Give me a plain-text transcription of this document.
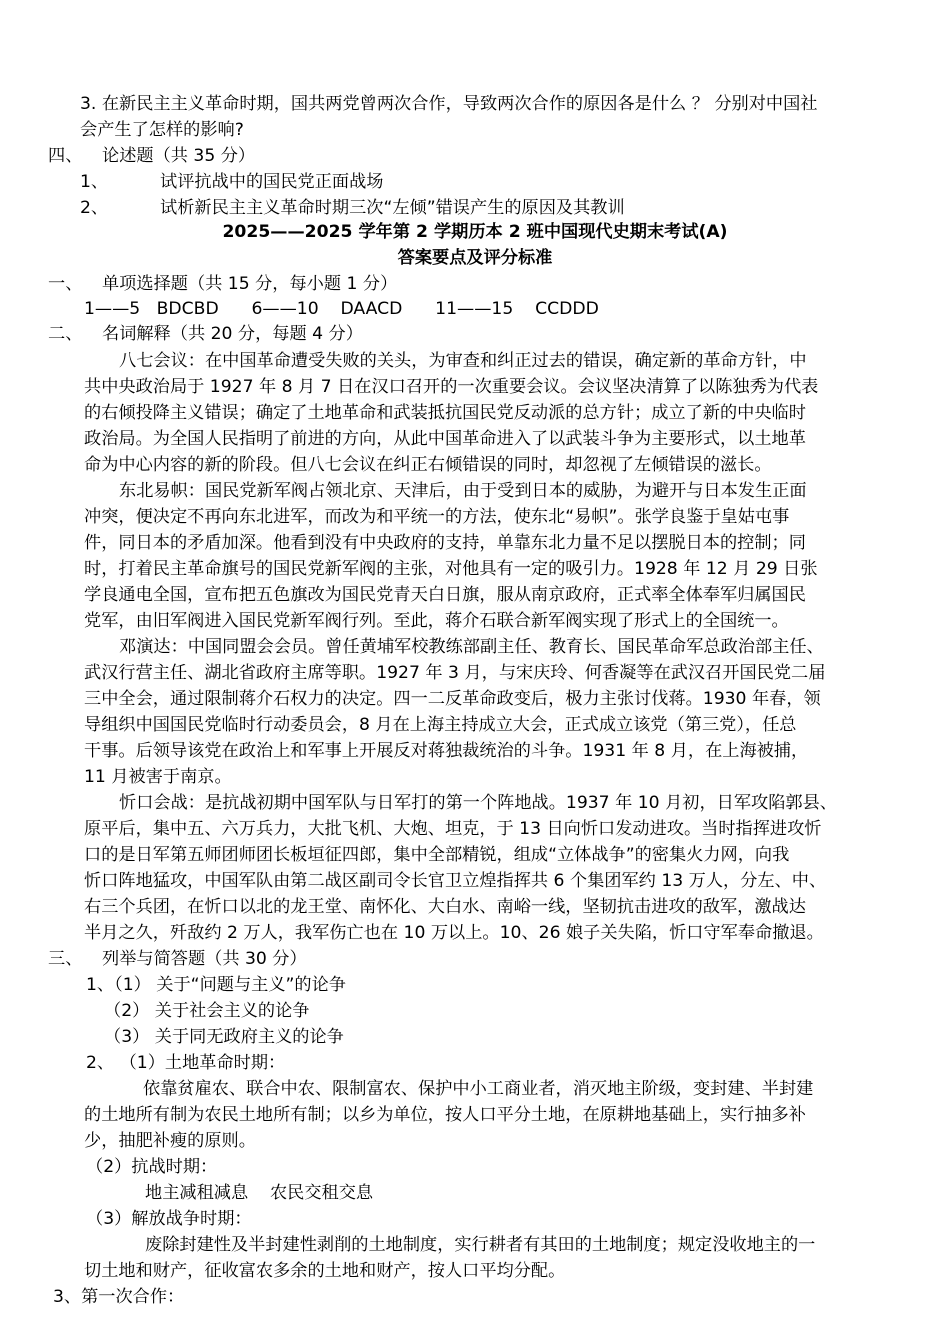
3. 在新民主主义革命时期，国共两党曾两次合作，导致两次合作的原因各是什么 ？ 分别对中国社
会产生了怎样的影响?
四、 论述题（共 35 分）
1、	试评抗战中的国民党正面战场
2、	试析新民主主义革命时期三次“左倾”错误产生的原因及其教训
2025——2025 学年第 2 学期历本 2 班中国现代史期末考试(A)
答案要点及评分标准
一、 单项选择题（共 15 分，每小题 1 分）
1——5   BDCBD      6——10    DAACD      11——15    CCDDD
二、 名词解释（共 20 分，每题 4 分）
八七会议：在中国革命遭受失败的关头，为审查和纠正过去的错误，确定新的革命方针，中
共中央政治局于 1927 年 8 月 7 日在汉口召开的一次重要会议。会议坚决清算了以陈独秀为代表
的右倾投降主义错误；确定了土地革命和武装抵抗国民党反动派的总方针；成立了新的中央临时
政治局。为全国人民指明了前进的方向，从此中国革命进入了以武装斗争为主要形式，以土地革
命为中心内容的新的阶段。但八七会议在纠正右倾错误的同时，却忽视了左倾错误的滋长。
东北易帜：国民党新军阀占领北京、天津后，由于受到日本的威胁，为避开与日本发生正面
冲突，便决定不再向东北进军，而改为和平统一的方法，使东北“易帜”。张学良鉴于皇姑屯事
件，同日本的矛盾加深。他看到没有中央政府的支持，单靠东北力量不足以摆脱日本的控制；同
时，打着民主革命旗号的国民党新军阀的主张，对他具有一定的吸引力。1928 年 12 月 29 日张
学良通电全国，宣布把五色旗改为国民党青天白日旗，服从南京政府，正式率全体奉军归属国民
党军，由旧军阀进入国民党新军阀行列。至此，蒋介石联合新军阀实现了形式上的全国统一。
邓演达：中国同盟会会员。曾任黄埔军校教练部副主任、教育长、国民革命军总政治部主任、
武汉行营主任、湖北省政府主席等职。1927 年 3 月，与宋庆玲、何香凝等在武汉召开国民党二届
三中全会，通过限制蒋介石权力的决定。四一二反革命政变后，极力主张讨伐蒋。1930 年春，领
导组织中国国民党临时行动委员会，8 月在上海主持成立大会，正式成立该党（第三党），任总
干事。后领导该党在政治上和军事上开展反对蒋独裁统治的斗争。1931 年 8 月，在上海被捕，
11 月被害于南京。
忻口会战：是抗战初期中国军队与日军打的第一个阵地战。1937 年 10 月初，日军攻陷郭县、
原平后，集中五、六万兵力，大批飞机、大炮、坦克，于 13 日向忻口发动进攻。当时指挥进攻忻
口的是日军第五师团师团长板垣征四郎，集中全部精锐，组成“立体战争”的密集火力网，向我
忻口阵地猛攻，中国军队由第二战区副司令长官卫立煌指挥共 6 个集团军约 13 万人，分左、中、
右三个兵团，在忻口以北的龙王堂、南怀化、大白水、南峪一线，坚韧抗击进攻的敌军，激战达
半月之久，歼敌约 2 万人，我军伤亡也在 10 万以上。10、26 娘子关失陷，忻口守军奉命撤退。
三、 列举与简答题（共 30 分）
1、（1） 关于“问题与主义”的论争
（2） 关于社会主义的论争
（3） 关于同无政府主义的论争
2、 （1）土地革命时期：
依靠贫雇农、联合中农、限制富农、保护中小工商业者，消灭地主阶级，变封建、半封建
的土地所有制为农民土地所有制；以乡为单位，按人口平分土地，在原耕地基础上，实行抽多补
少，抽肥补瘦的原则。
（2）抗战时期：
地主减租减息    农民交租交息
（3）解放战争时期：
废除封建性及半封建性剥削的土地制度，实行耕者有其田的土地制度；规定没收地主的一
切土地和财产，征收富农多余的土地和财产，按人口平均分配。
3、第一次合作：
